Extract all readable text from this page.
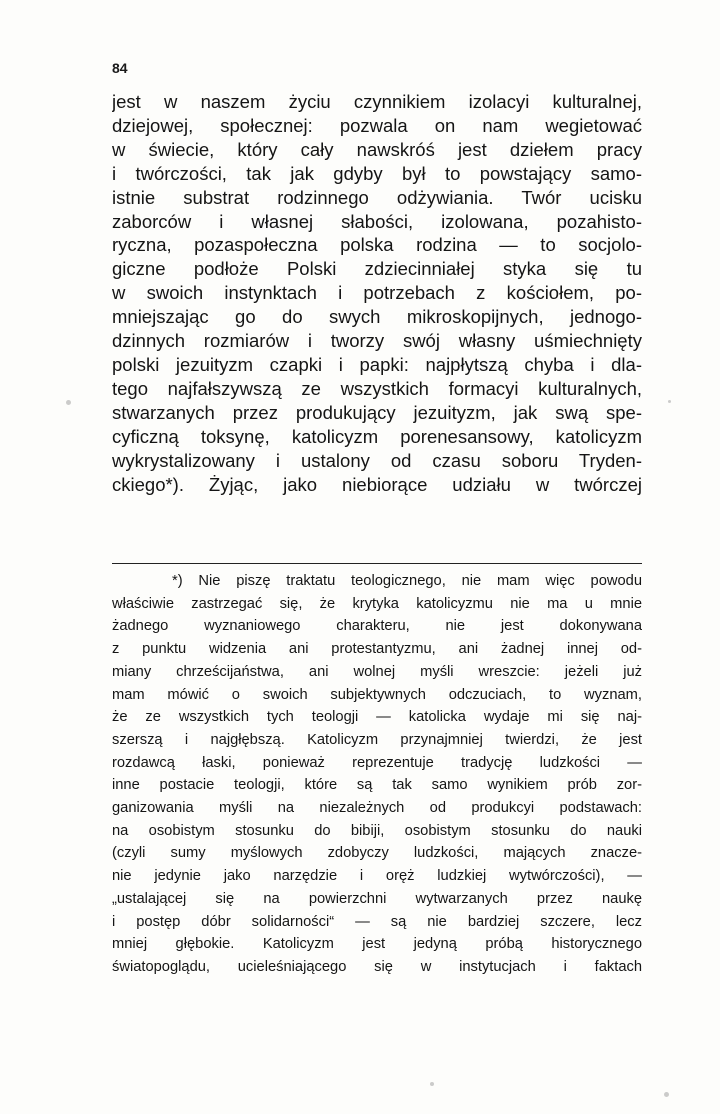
84
jest w naszem życiu czynnikiem izolacyi kulturalnej,
dziejowej, społecznej: pozwala on nam wegietować
w świecie, który cały nawskróś jest dziełem pracy
i twórczości, tak jak gdyby był to powstający samo-
istnie substrat rodzinnego odżywiania. Twór ucisku
zaborców i własnej słabości, izolowana, pozahisto-
ryczna, pozaspołeczna polska rodzina — to socjolo-
giczne podłoże Polski zdziecinniałej styka się tu
w swoich instynktach i potrzebach z kościołem, po-
mniejszając go do swych mikroskopijnych, jednogo-
dzinnych rozmiarów i tworzy swój własny uśmiechnięty
polski jezuityzm czapki i papki: najpłytszą chyba i dla-
tego najfałszywszą ze wszystkich formacyi kulturalnych,
stwarzanych przez produkujący jezuityzm, jak swą spe-
cyficzną toksynę, katolicyzm porenesansowy, katolicyzm
wykrystalizowany i ustalony od czasu soboru Tryden-
ckiego*). Żyjąc, jako niebiorące udziału w twórczej
*) Nie piszę traktatu teologicznego, nie mam więc powodu
właściwie zastrzegać się, że krytyka katolicyzmu nie ma u mnie
żadnego wyznaniowego charakteru, nie jest dokonywana
z punktu widzenia ani protestantyzmu, ani żadnej innej od-
miany chrześcijaństwa, ani wolnej myśli wreszcie: jeżeli już
mam mówić o swoich subjektywnych odczuciach, to wyznam,
że ze wszystkich tych teologji — katolicka wydaje mi się naj-
szerszą i najgłębszą. Katolicyzm przynajmniej twierdzi, że jest
rozdawcą łaski, ponieważ reprezentuje tradycję ludzkości —
inne postacie teologji, które są tak samo wynikiem prób zor-
ganizowania myśli na niezależnych od produkcyi podstawach:
na osobistym stosunku do bibiji, osobistym stosunku do nauki
(czyli sumy myślowych zdobyczy ludzkości, mających znacze-
nie jedynie jako narzędzie i oręż ludzkiej wytwórczości), —
„ustalającej się na powierzchni wytwarzanych przez naukę
i postęp dóbr solidarności“ — są nie bardziej szczere, lecz
mniej głębokie. Katolicyzm jest jedyną próbą historycznego
światopoglądu, ucieleśniającego się w instytucjach i faktach
